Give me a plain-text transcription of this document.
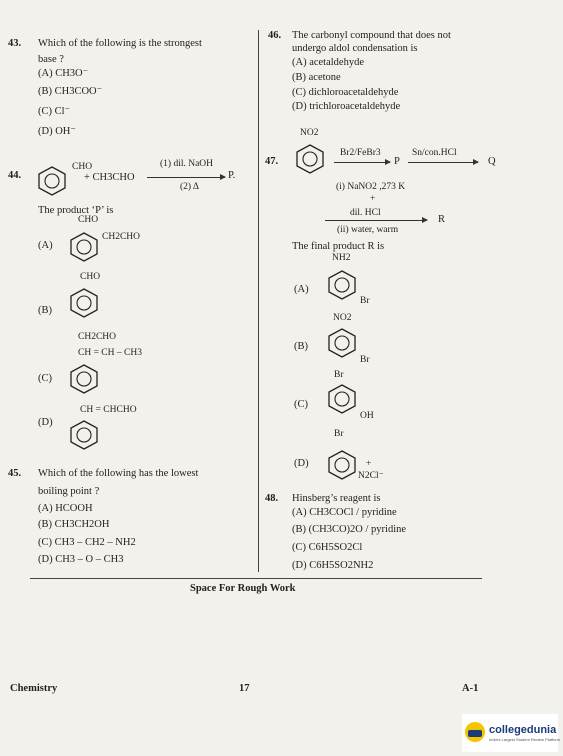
43. Which of the following is the strongest
base ?
(A) CH3O⁻
(B) CH3COO⁻
(C) Cl⁻
(D) OH⁻
44.
CHO
+ CH3CHO
(1) dil. NaOH
(2) Δ
P.
The product ‘P’ is
CHO
(A)
CH2CHO
CHO
(B)
CH2CHO
CH = CH – CH3
(C)
CH = CHCHO
(D)
45. Which of the following has the lowest
boiling point ?
(A) HCOOH
(B) CH3CH2OH
(C) CH3 – CH2 – NH2
(D) CH3 – O – CH3
46. The carbonyl compound that does not
undergo aldol condensation is
(A) acetaldehyde
(B) acetone
(C) dichloroacetaldehyde
(D) trichloroacetaldehyde
NO2
47.
Br2/FeBr3
P
Sn/con.HCl
Q
(i) NaNO2 ,273 K
+
dil. HCl
R
(ii) water, warm
The final product R is
NH2
(A)
Br
NO2
(B)
Br
Br
(C)
OH
Br
(D)	+
N2Cl⁻
48. Hinsberg’s reagent is
(A) CH3COCl / pyridine
(B) (CH3CO)2O / pyridine
(C) C6H5SO2Cl
(D) C6H5SO2NH2
Space For Rough Work
Chemistry	17	A-1
collegedunia
India's Largest Student Review Platform
